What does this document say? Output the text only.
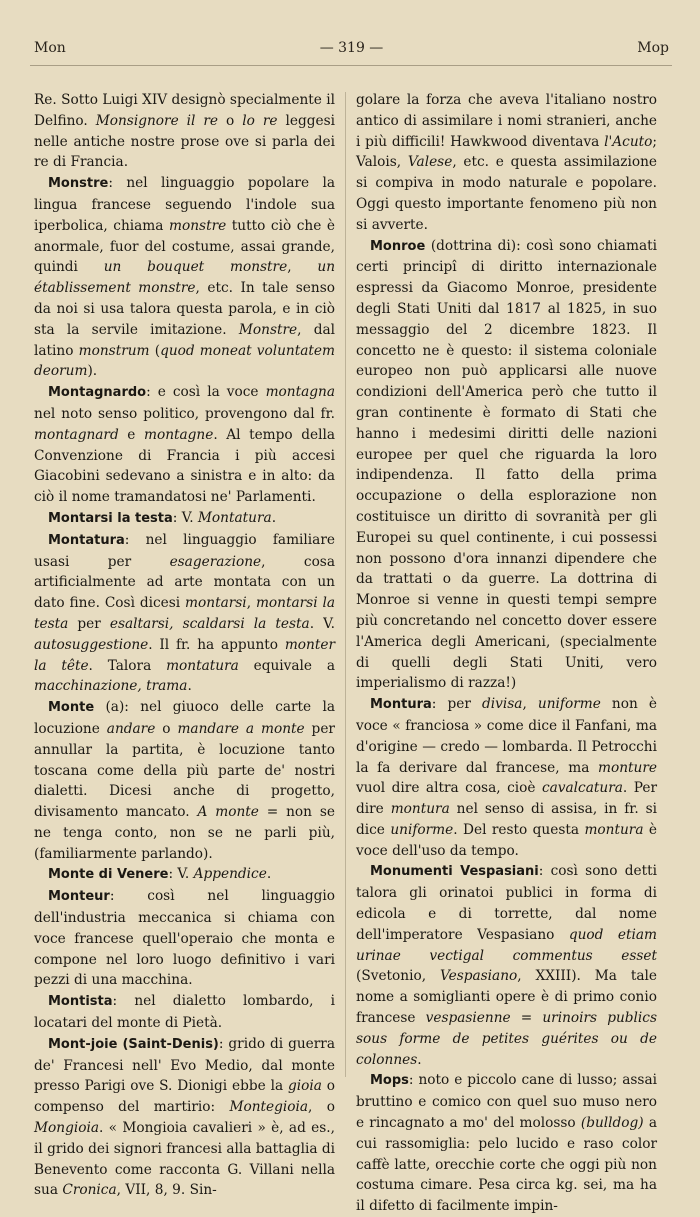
Mon	— 319 —	Mop

Re. Sotto Luigi XIV designò specialmente il Delfino. Monsignore il re o lo re leggesi nelle antiche nostre prose ove si parla dei re di Francia.

Monstre: nel linguaggio popolare la lingua francese seguendo l'indole sua iperbolica, chiama monstre tutto ciò che è anormale, fuor del costume, assai grande, quindi un bouquet monstre, un établissement monstre, etc. In tale senso da noi si usa talora questa parola, e in ciò sta la servile imitazione. Monstre, dal latino monstrum (quod moneat voluntatem deorum).

Montagnardo: e così la voce montagna nel noto senso politico, provengono dal fr. montagnard e montagne. Al tempo della Convenzione di Francia i più accesi Giacobini sedevano a sinistra e in alto: da ciò il nome tramandatosi ne' Parlamenti.

Montarsi la testa: V. Montatura.

Montatura: nel linguaggio familiare usasi per esagerazione, cosa artificialmente ad arte montata con un dato fine. Così dicesi montarsi, montarsi la testa per esaltarsi, scaldarsi la testa. V. autosuggestione. Il fr. ha appunto monter la tête. Talora montatura equivale a macchinazione, trama.

Monte (a): nel giuoco delle carte la locuzione andare o mandare a monte per annullar la partita, è locuzione tanto toscana come della più parte de' nostri dialetti. Dicesi anche di progetto, divisamento mancato. A monte = non se ne tenga conto, non se ne parli più, (familiarmente parlando).

Monte di Venere: V. Appendice.

Monteur: così nel linguaggio dell'industria meccanica si chiama con voce francese quell'operaio che monta e compone nel loro luogo definitivo i vari pezzi di una macchina.

Montista: nel dialetto lombardo, i locatari del monte di Pietà.

Mont-joie (Saint-Denis): grido di guerra de' Francesi nell' Evo Medio, dal monte presso Parigi ove S. Dionigi ebbe la gioia o compenso del martirio: Montegioia, o Mongioia. « Mongioia cavalieri » è, ad es., il grido dei signori francesi alla battaglia di Benevento come racconta G. Villani nella sua Cronica, VII, 8, 9. Sin-

golare la forza che aveva l'italiano nostro antico di assimilare i nomi stranieri, anche i più difficili! Hawkwood diventava l'Acuto; Valois, Valese, etc. e questa assimilazione si compiva in modo naturale e popolare. Oggi questo importante fenomeno più non si avverte.

Monroe (dottrina di): così sono chiamati certi principî di diritto internazionale espressi da Giacomo Monroe, presidente degli Stati Uniti dal 1817 al 1825, in suo messaggio del 2 dicembre 1823. Il concetto ne è questo: il sistema coloniale europeo non può applicarsi alle nuove condizioni dell'America però che tutto il gran continente è formato di Stati che hanno i medesimi diritti delle nazioni europee per quel che riguarda la loro indipendenza. Il fatto della prima occupazione o della esplorazione non costituisce un diritto di sovranità per gli Europei su quel continente, i cui possessi non possono d'ora innanzi dipendere che da trattati o da guerre. La dottrina di Monroe si venne in questi tempi sempre più concretando nel concetto dover essere l'America degli Americani, (specialmente di quelli degli Stati Uniti, vero imperialismo di razza!)

Montura: per divisa, uniforme non è voce « franciosa » come dice il Fanfani, ma d'origine — credo — lombarda. Il Petrocchi la fa derivare dal francese, ma monture vuol dire altra cosa, cioè cavalcatura. Per dire montura nel senso di assisa, in fr. si dice uniforme. Del resto questa montura è voce dell'uso da tempo.

Monumenti Vespasiani: così sono detti talora gli orinatoi publici in forma di edicola e di torrette, dal nome dell'imperatore Vespasiano quod etiam urinae vectigal commentus esset (Svetonio, Vespasiano, XXIII). Ma tale nome a somiglianti opere è di primo conio francese vespasienne = urinoirs publics sous forme de petites guérites ou de colonnes.

Mops: noto e piccolo cane di lusso; assai bruttino e comico con quel suo muso nero e rincagnato a mo' del molosso (bulldog) a cui rassomiglia: pelo lucido e raso color caffè latte, orecchie corte che oggi più non costuma cimare. Pesa circa kg. sei, ma ha il difetto di facilmente impin-
